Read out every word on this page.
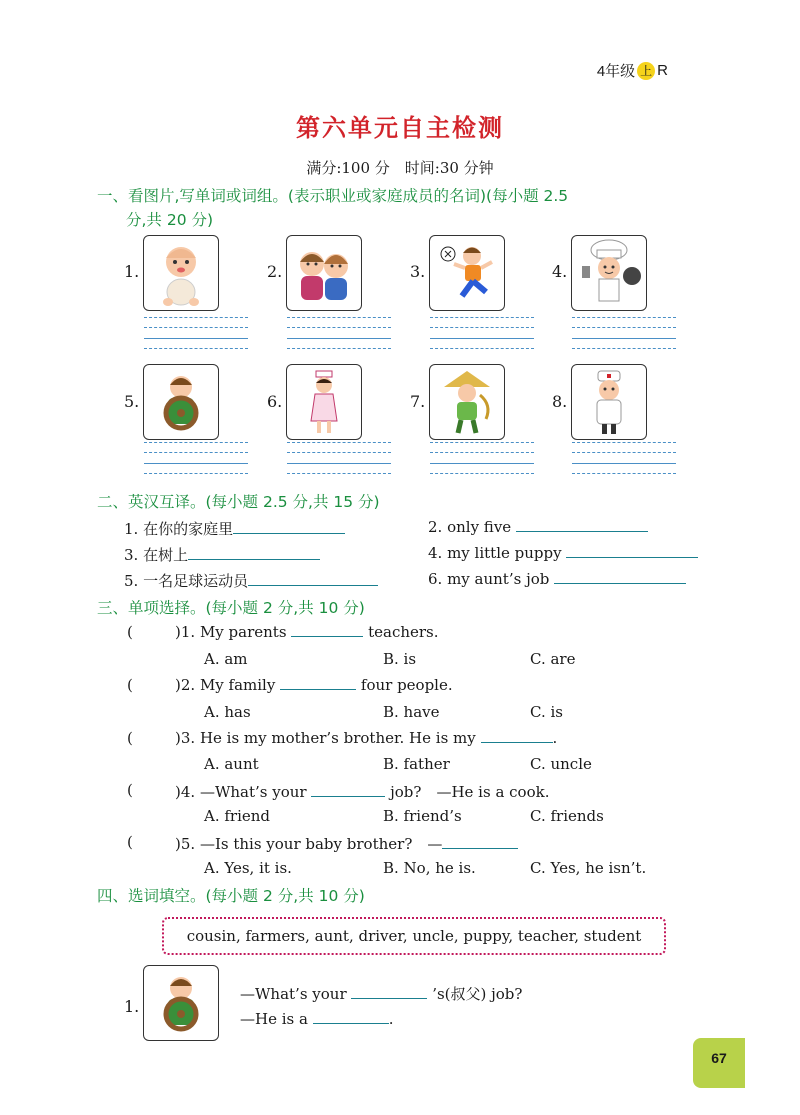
4年级 上 R
第六单元自主检测
满分:100 分　时间:30 分钟
一、看图片,写单词或词组。(表示职业或家庭成员的名词)(每小题 2.5
分,共 20 分)
1.	2.	3.	4.
5.	6.	7.	8.
二、英汉互译。(每小题 2.5 分,共 15 分)
1. 在你的家庭里	2. only five
3. 在树上	4. my little puppy
5. 一名足球运动员	6. my aunt’s job
三、单项选择。(每小题 2 分,共 10 分)
(	)1. My parents	teachers.
A. am	B. is	C. are
(	)2. My family	four people.
A. has	B. have	C. is
(	)3. He is my mother’s brother. He is my	.
A. aunt	B. father	C. uncle
(	)4. —What’s your	job?　—He is a cook.
A. friend	B. friend’s	C. friends
(	)5. —Is this your baby brother?　—
A. Yes, it is.	B. No, he is.	C. Yes, he isn’t.
四、选词填空。(每小题 2 分,共 10 分)
cousin, farmers, aunt, driver, uncle, puppy, teacher, student
1.
—What’s your	’s(叔父) job?
—He is a	.
67
